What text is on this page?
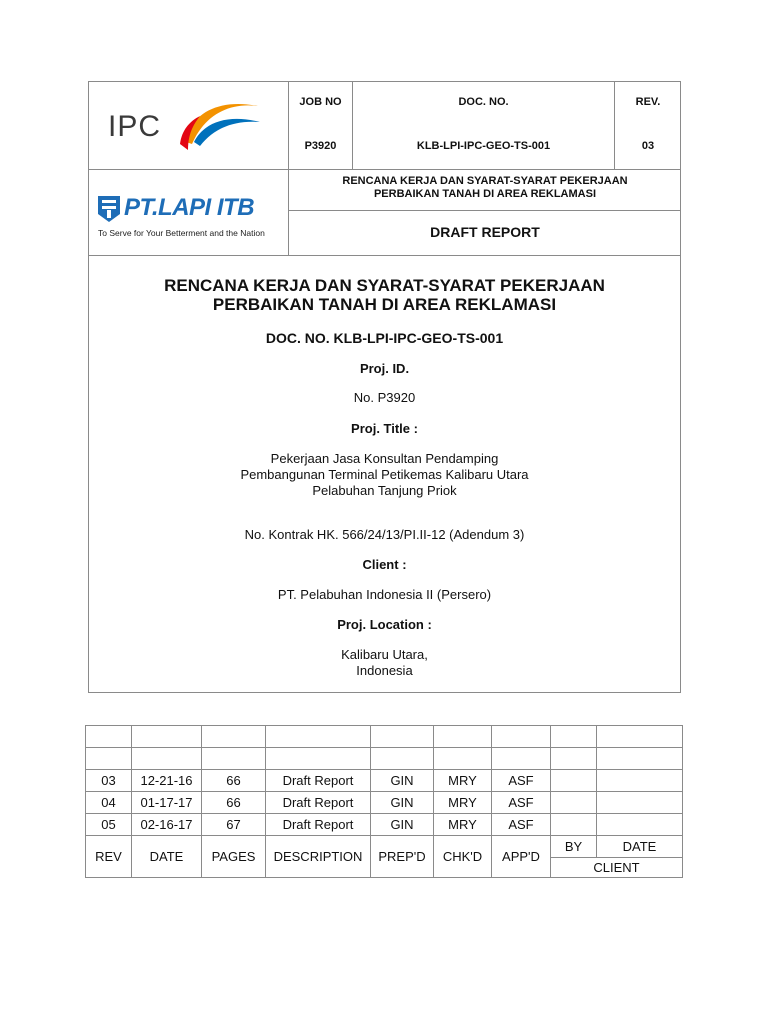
IPC
PT.LAPI ITB
To Serve for Your Betterment and the Nation
JOB NO	DOC. NO.	REV.
P3920	KLB-LPI-IPC-GEO-TS-001	03
RENCANA KERJA DAN SYARAT-SYARAT PEKERJAAN
PERBAIKAN TANAH DI AREA REKLAMASI
DRAFT REPORT
RENCANA KERJA DAN SYARAT-SYARAT PEKERJAAN
PERBAIKAN TANAH DI AREA REKLAMASI
DOC. NO. KLB-LPI-IPC-GEO-TS-001
Proj. ID.
No. P3920
Proj. Title :
Pekerjaan Jasa Konsultan Pendamping
Pembangunan Terminal Petikemas Kalibaru Utara
Pelabuhan Tanjung Priok
No. Kontrak HK. 566/24/13/PI.II-12 (Adendum 3)
Client :
PT. Pelabuhan Indonesia II (Persero)
Proj. Location :
Kalibaru Utara,
Indonesia

03	12-21-16	66	Draft Report	GIN	MRY	ASF		
04	01-17-17	66	Draft Report	GIN	MRY	ASF		
05	02-16-17	67	Draft Report	GIN	MRY	ASF		
REV	DATE	PAGES	DESCRIPTION	PREP'D	CHK'D	APP'D	BY	DATE
							CLIENT	
